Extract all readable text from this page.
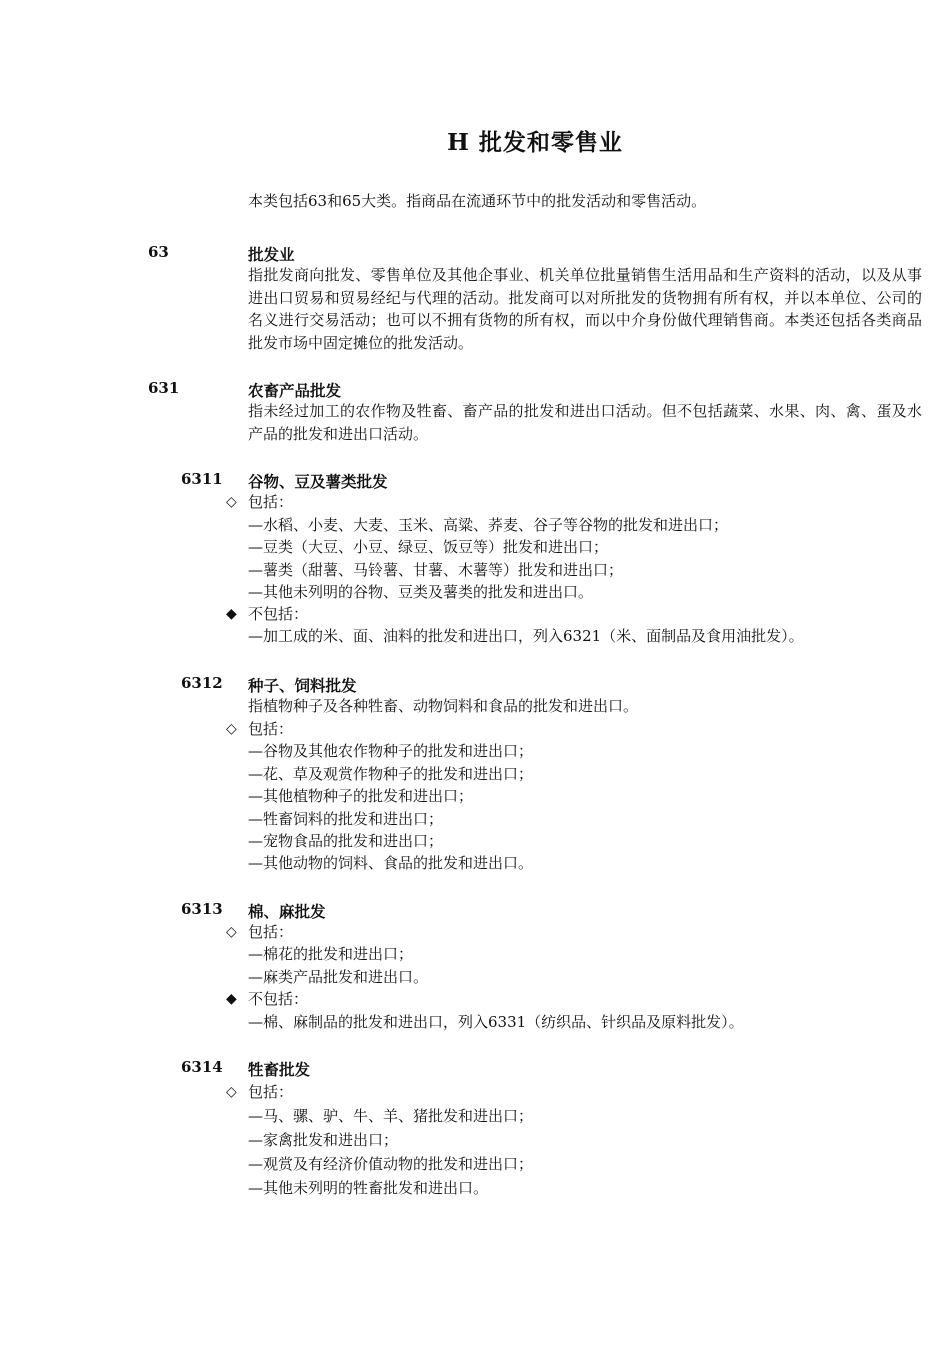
H 批发和零售业
本类包括63和65大类。指商品在流通环节中的批发活动和零售活动。
63	批发业
指批发商向批发、零售单位及其他企事业、机关单位批量销售生活用品和生产资料的活动，以及从事进出口贸易和贸易经纪与代理的活动。批发商可以对所批发的货物拥有所有权，并以本单位、公司的名义进行交易活动；也可以不拥有货物的所有权，而以中介身份做代理销售商。本类还包括各类商品批发市场中固定摊位的批发活动。
631	农畜产品批发
指未经过加工的农作物及牲畜、畜产品的批发和进出口活动。但不包括蔬菜、水果、肉、禽、蛋及水产品的批发和进出口活动。
6311 谷物、豆及薯类批发
◇ 包括：
—水稻、小麦、大麦、玉米、高粱、荞麦、谷子等谷物的批发和进出口；
—豆类（大豆、小豆、绿豆、饭豆等）批发和进出口；
—薯类（甜薯、马铃薯、甘薯、木薯等）批发和进出口；
—其他未列明的谷物、豆类及薯类的批发和进出口。
◆ 不包括：
—加工成的米、面、油料的批发和进出口，列入6321（米、面制品及食用油批发）。
6312 种子、饲料批发
指植物种子及各种牲畜、动物饲料和食品的批发和进出口。
◇ 包括：
—谷物及其他农作物种子的批发和进出口；
—花、草及观赏作物种子的批发和进出口；
—其他植物种子的批发和进出口；
—牲畜饲料的批发和进出口；
—宠物食品的批发和进出口；
—其他动物的饲料、食品的批发和进出口。
6313 棉、麻批发
◇ 包括：
—棉花的批发和进出口；
—麻类产品批发和进出口。
◆ 不包括：
—棉、麻制品的批发和进出口，列入6331（纺织品、针织品及原料批发）。
6314 牲畜批发
◇ 包括：
—马、骡、驴、牛、羊、猪批发和进出口；
—家禽批发和进出口；
—观赏及有经济价值动物的批发和进出口；
—其他未列明的牲畜批发和进出口。
